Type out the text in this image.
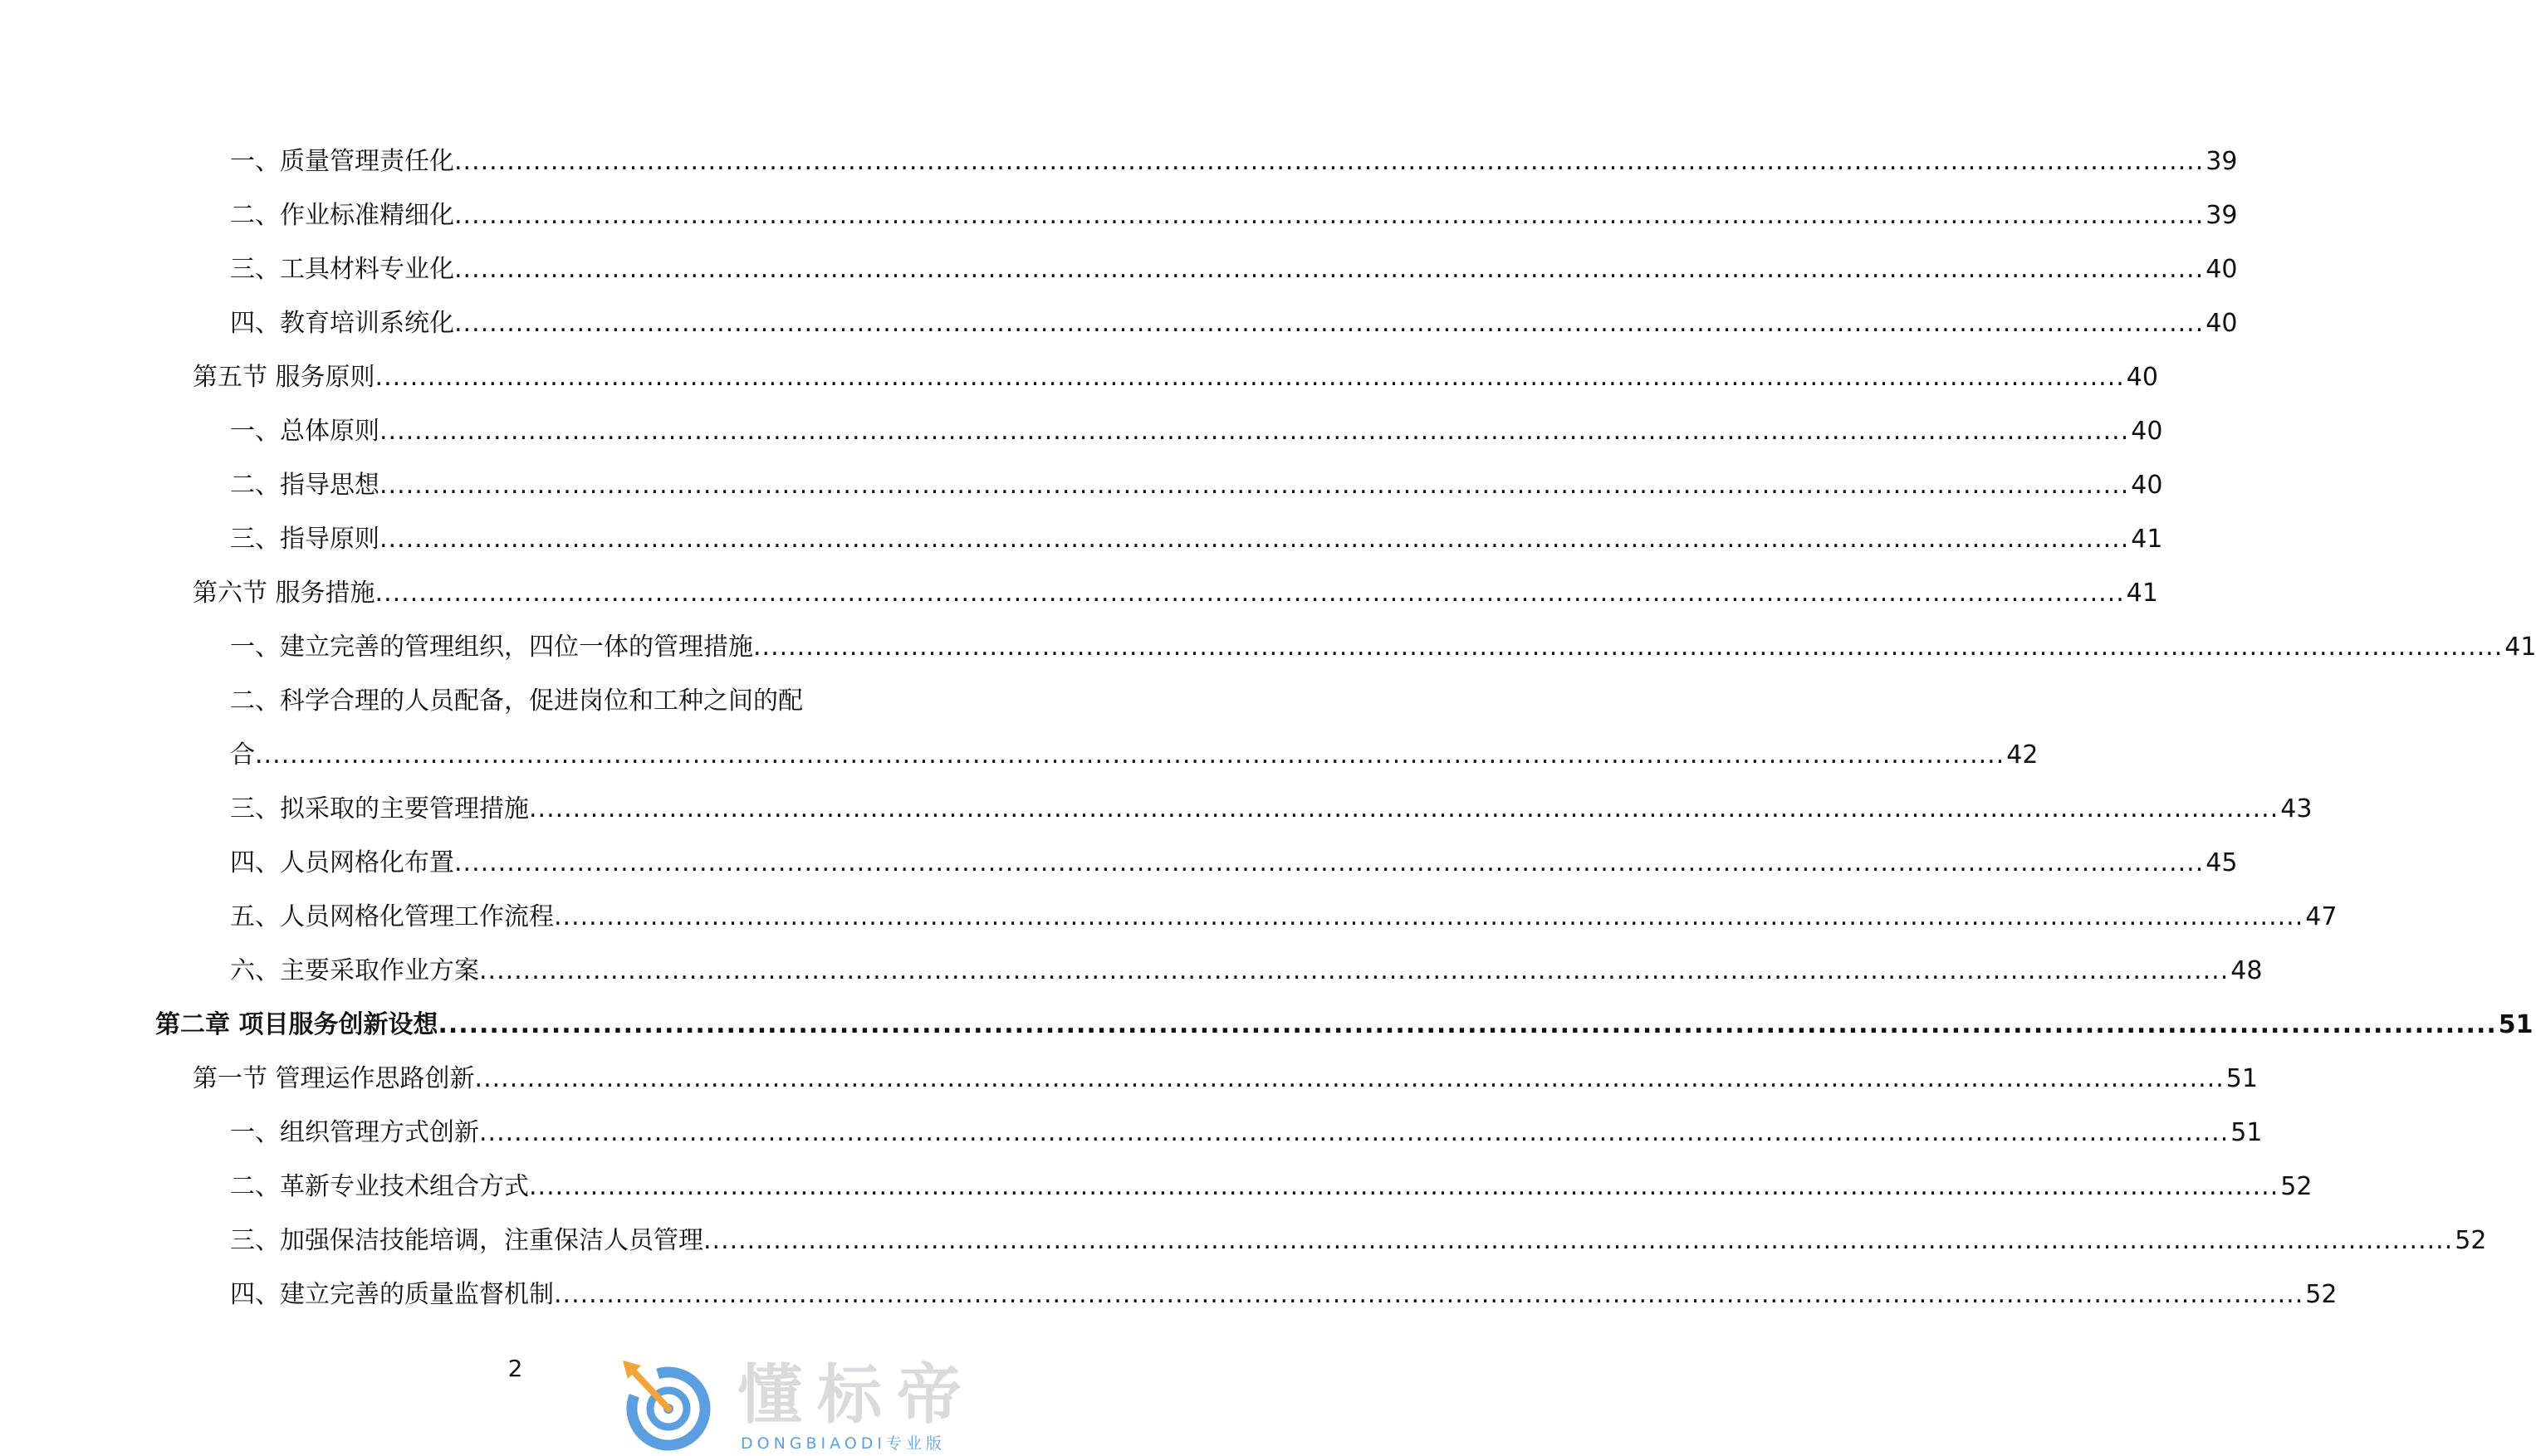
一、质量管理责任化 ........................................................................................................................................................................................................ 39
二、作业标准精细化 ........................................................................................................................................................................................................ 39
三、工具材料专业化 ........................................................................................................................................................................................................ 40
四、教育培训系统化 ........................................................................................................................................................................................................ 40
第五节 服务原则 ........................................................................................................................................................................................................ 40
一、总体原则 ........................................................................................................................................................................................................ 40
二、指导思想 ........................................................................................................................................................................................................ 40
三、指导原则 ........................................................................................................................................................................................................ 41
第六节 服务措施 ........................................................................................................................................................................................................ 41
一、建立完善的管理组织，四位一体的管理措施 ........................................................................................................................................................................................................ 41
二、科学合理的人员配备，促进岗位和工种之间的配
合 ........................................................................................................................................................................................................ 42
三、拟采取的主要管理措施 ........................................................................................................................................................................................................ 43
四、人员网格化布置 ........................................................................................................................................................................................................ 45
五、人员网格化管理工作流程 ........................................................................................................................................................................................................ 47
六、主要采取作业方案 ........................................................................................................................................................................................................ 48
第二章 项目服务创新设想 ........................................................................................................................................................................................................ 51
第一节 管理运作思路创新 ........................................................................................................................................................................................................ 51
一、组织管理方式创新 ........................................................................................................................................................................................................ 51
二、革新专业技术组合方式 ........................................................................................................................................................................................................ 52
三、加强保洁技能培调，注重保洁人员管理 ........................................................................................................................................................................................................ 52
四、建立完善的质量监督机制 ........................................................................................................................................................................................................ 52
2	懂标帝
DONGBIAODI专业版
